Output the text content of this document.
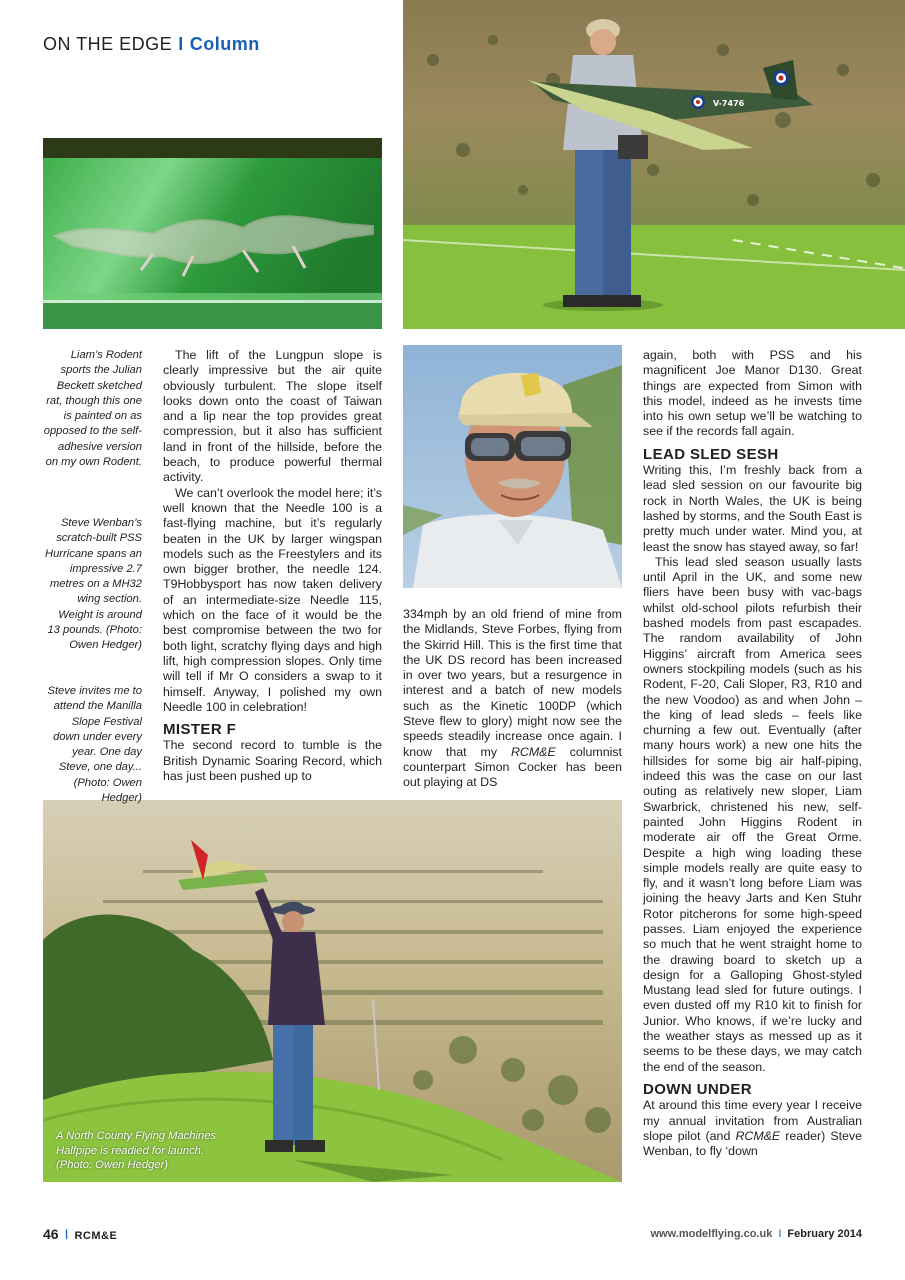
ON THE EDGE I Column
V-7476
Liam’s Rodent sports the Julian Beckett sketched rat, though this one is painted on as opposed to the self-adhesive version on my own Rodent.
Steve Wenban’s scratch-built PSS Hurricane spans an impressive 2.7 metres on a MH32 wing section. Weight is around 13 pounds. (Photo: Owen Hedger)
Steve invites me to attend the Manilla Slope Festival down under every year. One day Steve, one day... (Photo: Owen Hedger)
A North County Flying Machines Halfpipe is readied for launch. (Photo: Owen Hedger)

The lift of the Lungpun slope is clearly impressive but the air quite obviously turbulent. The slope itself looks down onto the coast of Taiwan and a lip near the top provides great compression, but it also has sufficient land in front of the hillside, before the beach, to produce powerful thermal activity.

We can’t overlook the model here; it’s well known that the Needle 100 is a fast-flying machine, but it’s regularly beaten in the UK by larger wingspan models such as the Freestylers and its own bigger brother, the needle 124. T9Hobbysport has now taken delivery of an intermediate-size Needle 115, which on the face of it would be the best compromise between the two for both light, scratchy flying days and high lift, high compression slopes. Only time will tell if Mr O considers a swap to it himself. Anyway, I polished my own Needle 100 in celebration!

MISTER F

The second record to tumble is the British Dynamic Soaring Record, which has just been pushed up to

334mph by an old friend of mine from the Midlands, Steve Forbes, flying from the Skirrid Hill. This is the first time that the UK DS record has been increased in over two years, but a resurgence in interest and a batch of new models such as the Kinetic 100DP (which Steve flew to glory) might now see the speeds steadily increase once again. I know that my RCM&E columnist counterpart Simon Cocker has been out playing at DS

again, both with PSS and his magnificent Joe Manor D130. Great things are expected from Simon with this model, indeed as he invests time into his own setup we’ll be watching to see if the records fall again.

LEAD SLED SESH

Writing this, I’m freshly back from a lead sled session on our favourite big rock in North Wales, the UK is being lashed by storms, and the South East is pretty much under water. Mind you, at least the snow has stayed away, so far!

This lead sled season usually lasts until April in the UK, and some new fliers have been busy with vac-bags whilst old-school pilots refurbish their bashed models from past escapades. The random availability of John Higgins’ aircraft from America sees owners stockpiling models (such as his Rodent, F-20, Cali Sloper, R3, R10 and the new Voodoo) as and when John – the king of lead sleds – feels like churning a few out. Eventually (after many hours work) a new one hits the hillsides for some big air half-piping, indeed this was the case on our last outing as relatively new sloper, Liam Swarbrick, christened his new, self-painted John Higgins Rodent in moderate air off the Great Orme. Despite a high wing loading these simple models really are quite easy to fly, and it wasn’t long before Liam was joining the heavy Jarts and Ken Stuhr Rotor pitcherons for some high-speed passes. Liam enjoyed the experience so much that he went straight home to the drawing board to sketch up a design for a Galloping Ghost-styled Mustang lead sled for future outings. I even dusted off my R10 kit to finish for Junior. Who knows, if we’re lucky and the weather stays as messed up as it seems to be these days, we may catch the end of the season.

DOWN UNDER

At around this time every year I receive my annual invitation from Australian slope pilot (and RCM&E reader) Steve Wenban, to fly ‘down

46 I RCM&E	www.modelflying.co.uk I February 2014
